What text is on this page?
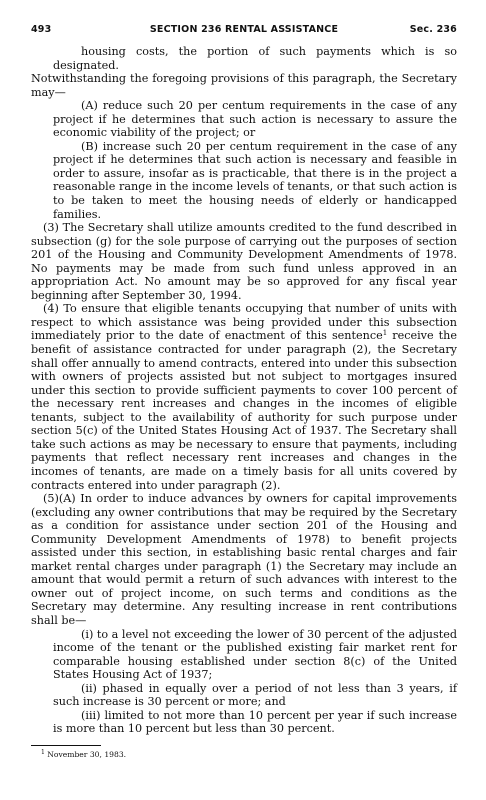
493	SECTION 236 RENTAL ASSISTANCE	Sec. 236

housing costs, the portion of such payments which is so designated.

Notwithstanding the foregoing provisions of this paragraph, the Secretary may—

(A) reduce such 20 per centum requirements in the case of any project if he determines that such action is necessary to assure the economic viability of the project; or

(B) increase such 20 per centum requirement in the case of any project if he determines that such action is necessary and feasible in order to assure, insofar as is practicable, that there is in the project a reasonable range in the income levels of tenants, or that such action is to be taken to meet the housing needs of elderly or handicapped families.

(3) The Secretary shall utilize amounts credited to the fund described in subsection (g) for the sole purpose of carrying out the purposes of section 201 of the Housing and Community Development Amendments of 1978. No payments may be made from such fund unless approved in an appropriation Act. No amount may be so approved for any fiscal year beginning after September 30, 1994.

(4) To ensure that eligible tenants occupying that number of units with respect to which assistance was being provided under this subsection immediately prior to the date of enactment of this sentence$^1$ receive the benefit of assistance contracted for under paragraph (2), the Secretary shall offer annually to amend contracts, entered into under this subsection with owners of projects assisted but not subject to mortgages insured under this section to provide sufficient payments to cover 100 percent of the necessary rent increases and changes in the incomes of eligible tenants, subject to the availability of authority for such purpose under section 5(c) of the United States Housing Act of 1937. The Secretary shall take such actions as may be necessary to ensure that payments, including payments that reflect necessary rent increases and changes in the incomes of tenants, are made on a timely basis for all units covered by contracts entered into under paragraph (2).

(5)(A) In order to induce advances by owners for capital improvements (excluding any owner contributions that may be required by the Secretary as a condition for assistance under section 201 of the Housing and Community Development Amendments of 1978) to benefit projects assisted under this section, in establishing basic rental charges and fair market rental charges under paragraph (1) the Secretary may include an amount that would permit a return of such advances with interest to the owner out of project income, on such terms and conditions as the Secretary may determine. Any resulting increase in rent contributions shall be—

(i) to a level not exceeding the lower of 30 percent of the adjusted income of the tenant or the published existing fair market rent for comparable housing established under section 8(c) of the United States Housing Act of 1937;

(ii) phased in equally over a period of not less than 3 years, if such increase is 30 percent or more; and

(iii) limited to not more than 10 percent per year if such increase is more than 10 percent but less than 30 percent.

$^1$ November 30, 1983.
